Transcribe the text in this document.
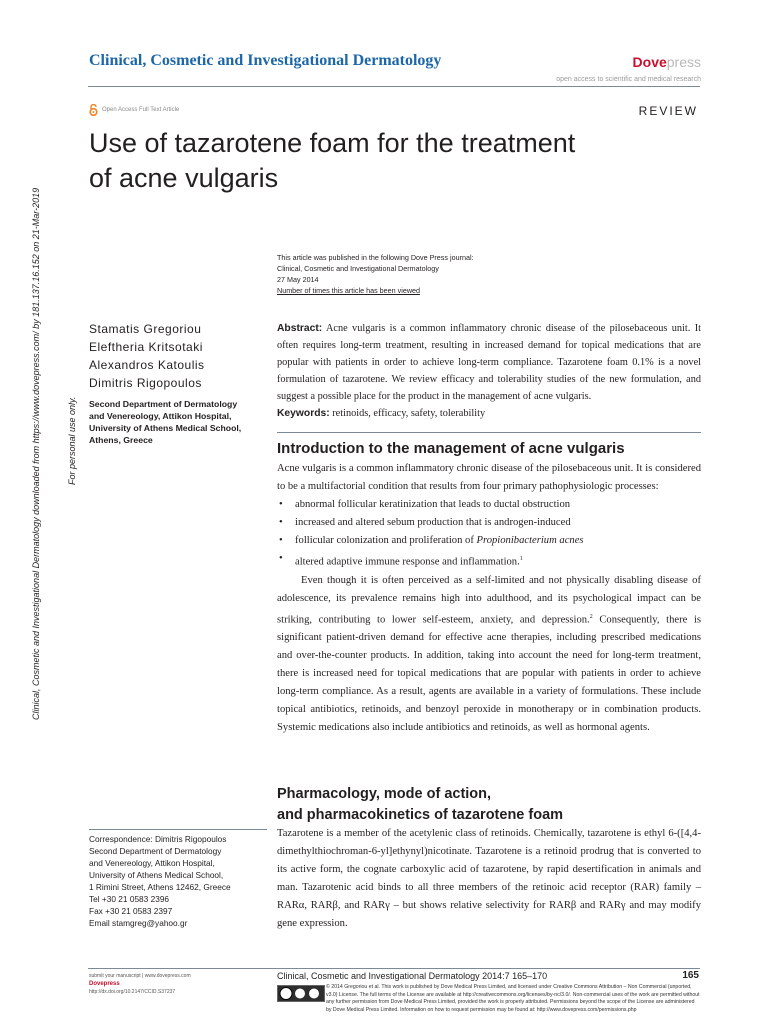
Clinical, Cosmetic and Investigational Dermatology	Dovepress
open access to scientific and medical research
Open Access Full Text Article	REVIEW
Use of tazarotene foam for the treatment
of acne vulgaris
Clinical, Cosmetic and Investigational Dermatology downloaded from https://www.dovepress.com/ by 181.137.16.152 on 21-Mar-2019	For personal use only.
This article was published in the following Dove Press journal:
Clinical, Cosmetic and Investigational Dermatology
27 May 2014
Number of times this article has been viewed
Stamatis Gregoriou
Eleftheria Kritsotaki
Alexandros Katoulis
Dimitris Rigopoulos
Second Department of Dermatology
and Venereology, Attikon Hospital,
University of Athens Medical School,
Athens, Greece
Abstract: Acne vulgaris is a common inflammatory chronic disease of the pilosebaceous unit. It often requires long-term treatment, resulting in increased demand for topical medications that are popular with patients in order to achieve long-term compliance. Tazarotene foam 0.1% is a novel formulation of tazarotene. We review efficacy and tolerability studies of the new formulation, and suggest a possible place for the product in the management of acne vulgaris.
Keywords: retinoids, efficacy, safety, tolerability
Introduction to the management of acne vulgaris

Acne vulgaris is a common inflammatory chronic disease of the pilosebaceous unit. It is considered to be a multifactorial condition that results from four primary pathophysiologic processes:

• abnormal follicular keratinization that leads to ductal obstruction
• increased and altered sebum production that is androgen-induced
• follicular colonization and proliferation of Propionibacterium acnes
• altered adaptive immune response and inflammation.$^1$

Even though it is often perceived as a self-limited and not physically disabling disease of adolescence, its prevalence remains high into adulthood, and its psychological impact can be striking, contributing to lower self-esteem, anxiety, and depression.$^2$ Consequently, there is significant patient-driven demand for effective acne therapies, including prescribed medications and over-the-counter products. In addition, taking into account the need for long-term treatment, there is increased need for topical medications that are popular with patients in order to achieve long-term compliance. As a result, agents are available in a variety of formulations. These include topical antibiotics, retinoids, and benzoyl peroxide in monotherapy or in combination products. Systemic medications also include antibiotics and retinoids, as well as hormonal agents.

Pharmacology, mode of action,
and pharmacokinetics of tazarotene foam
Tazarotene is a member of the acetylenic class of retinoids. Chemically, tazarotene is ethyl 6-([4,4-dimethylthiochroman-6-yl]ethynyl)nicotinate. Tazarotene is a retinoid prodrug that is converted to its active form, the cognate carboxylic acid of tazarotene, by rapid desertification in animals and man. Tazarotenic acid binds to all three members of the retinoic acid receptor (RAR) family – RARα, RARβ, and RARγ – but shows relative selectivity for RARβ and RARγ and may modify gene expression.
Correspondence: Dimitris Rigopoulos
Second Department of Dermatology
and Venereology, Attikon Hospital,
University of Athens Medical School,
1 Rimini Street, Athens 12462, Greece
Tel +30 21 0583 2396
Fax +30 21 0583 2397
Email stamgreg@yahoo.gr
submit your manuscript | www.dovepress.com
Dovepress
http://dx.doi.org/10.2147/CCID.S37237
Clinical, Cosmetic and Investigational Dermatology 2014:7 165–170	165
© 2014 Gregoriou et al. This work is published by Dove Medical Press Limited, and licensed under Creative Commons Attribution – Non Commercial (unported, v3.0) License. The full terms of the License are available at http://creativecommons.org/licenses/by-nc/3.0/. Non-commercial uses of the work are permitted without any further permission from Dove Medical Press Limited, provided the work is properly attributed. Permissions beyond the scope of the License are administered by Dove Medical Press Limited. Information on how to request permission may be found at: http://www.dovepress.com/permissions.php
